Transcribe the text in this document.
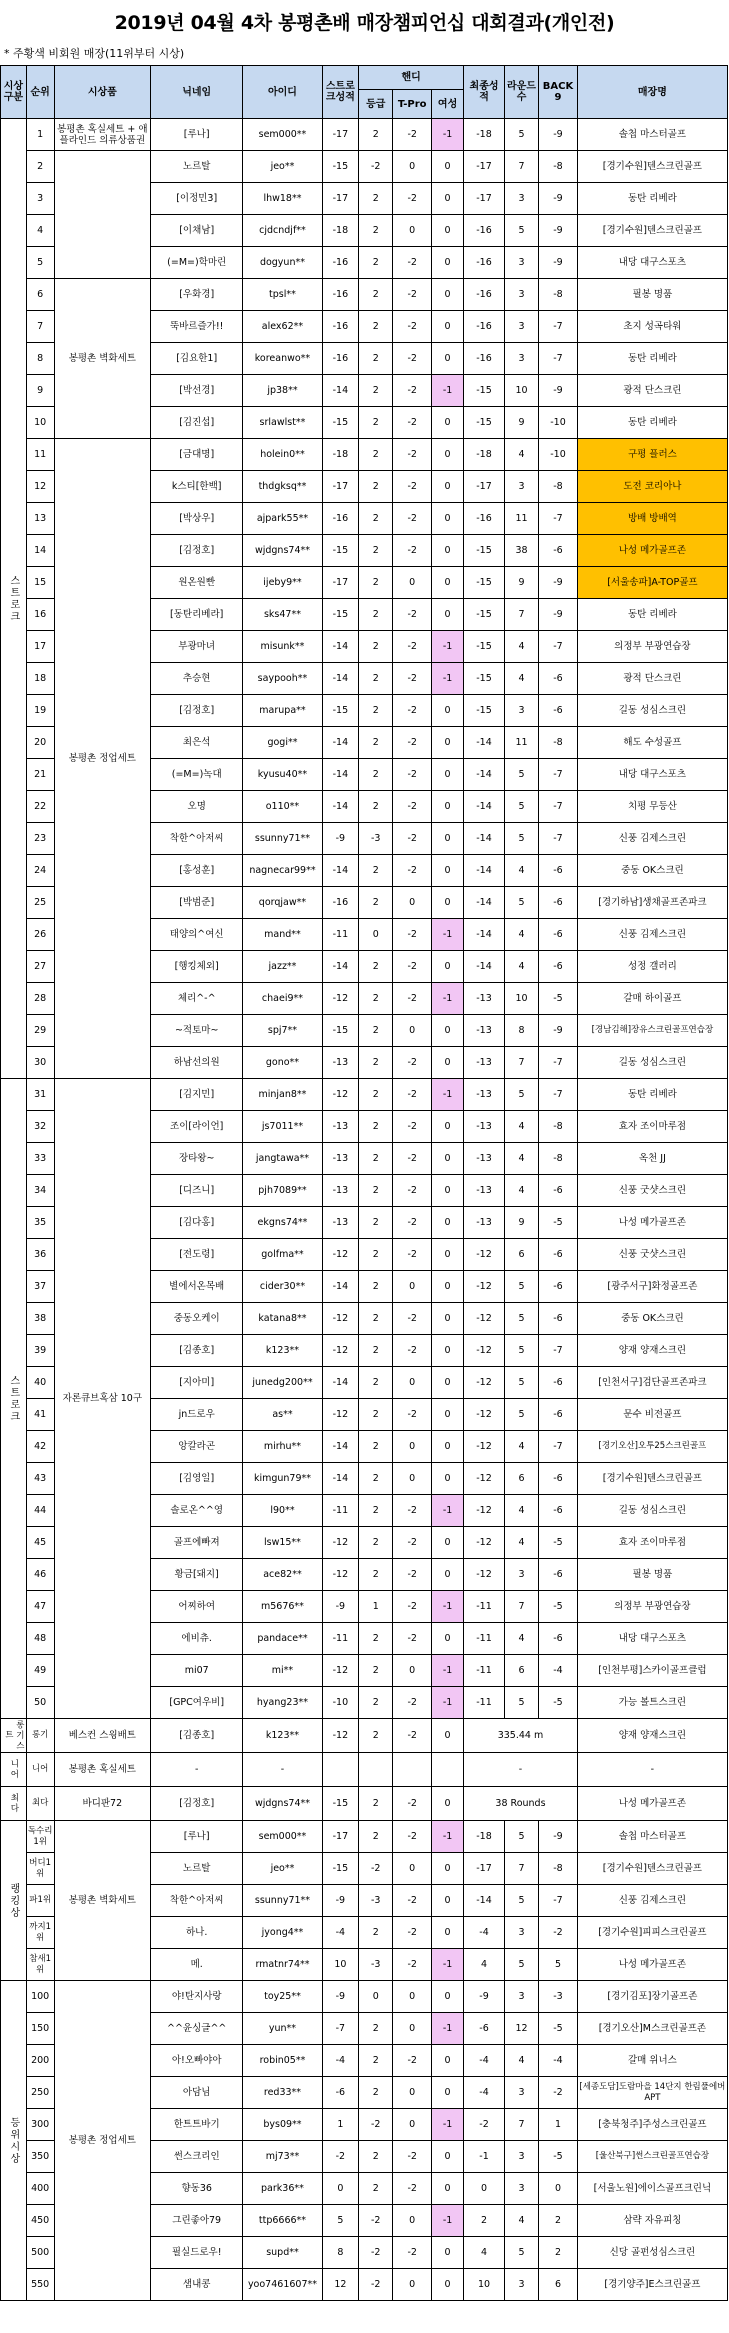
2019년 04월 4차 봉평촌배 매장챔피언십 대회결과(개인전)
* 주황색 비회원 매장(11위부터 시상)
시상구분	순위	시상품	닉네임	아이디	스트로크성적	핸디			최종성적	라운드 수	BACK 9	매장명
						등급	T-Pro	여성				
스트로크	1	봉평촌 혹실세트 + 애플라인드 의류상품권	[루나]	sem000**	-17	2	-2	-1	-18	5	-9	솔첩 마스터골프
	2		노르탈	jeo**	-15	-2	0	0	-17	7	-8	[경기수원]텐스크린골프
	3		[이정민3]	lhw18**	-17	2	-2	0	-17	3	-9	동탄 리베라
	4		[이채남]	cjdcndjf**	-18	2	0	0	-16	5	-9	[경기수원]텐스크린골프
	5		(=M=)학마린	dogyun**	-16	2	-2	0	-16	3	-9	내당 대구스포츠
	6	봉평촌 벽화세트	[우화경]	tpsl**	-16	2	-2	0	-16	3	-8	필봉 명품
	7		뚝바르즐가!!	alex62**	-16	2	-2	0	-16	3	-7	초지 성곡타워
	8		[김요한1]	koreanwo**	-16	2	-2	0	-16	3	-7	동탄 리베라
	9		[박선경]	jp38**	-14	2	-2	-1	-15	10	-9	광적 단스크린
	10		[김진섭]	srlawlst**	-15	2	-2	0	-15	9	-10	동탄 리베라
	11	봉평촌 정업세트	[금대명]	holein0**	-18	2	-2	0	-18	4	-10	구평 플러스
	12		k스티[한백]	thdgksq**	-17	2	-2	0	-17	3	-8	도전 코리아나
	13		[박상우]	ajpark55**	-16	2	-2	0	-16	11	-7	방배 방배역
	14		[김정호]	wjdgns74**	-15	2	-2	0	-15	38	-6	나성 메가골프존
	15		원온원빤	ijeby9**	-17	2	0	0	-15	9	-9	[서울송파]A-TOP골프
	16		[동탄리베라]	sks47**	-15	2	-2	0	-15	7	-9	동탄 리베라
	17		부광마녀	misunk**	-14	2	-2	-1	-15	4	-7	의정부 부광연습장
	18		추승현	saypooh**	-14	2	-2	-1	-15	4	-6	광적 단스크린
	19		[김정호]	marupa**	-15	2	-2	0	-15	3	-6	길동 성심스크린
	20		최은석	gogi**	-14	2	-2	0	-14	11	-8	해도 수성골프
	21		(=M=)녹대	kyusu40**	-14	2	-2	0	-14	5	-7	내당 대구스포츠
	22		오명	o110**	-14	2	-2	0	-14	5	-7	치평 무등산
	23		착한^아저씨	ssunny71**	-9	-3	-2	0	-14	5	-7	신풍 김제스크린
	24		[홍성훈]	nagnecar99**	-14	2	-2	0	-14	4	-6	중동 OK스크린
	25		[박범준]	qorqjaw**	-16	2	0	0	-14	5	-6	[경기하남]생채골프존파크
	26		태양의^여신	mand**	-11	0	-2	-1	-14	4	-6	신풍 김제스크린
	27		[행킹체외]	jazz**	-14	2	-2	0	-14	4	-6	성정 갤러리
	28		체리^-^	chaei9**	-12	2	-2	-1	-13	10	-5	갈매 하이골프
	29		~적토마~	spj7**	-15	2	0	0	-13	8	-9	[경남김해]장유스크린골프연습장
	30		하남선의원	gono**	-13	2	-2	0	-13	7	-7	길동 성심스크린
스트로크	31	자론큐브혹삼 10구	[김지민]	minjan8**	-12	2	-2	-1	-13	5	-7	동탄 리베라
	32		조이[라이언]	js7011**	-13	2	-2	0	-13	4	-8	효자 조이마루점
	33		장타왕~	jangtawa**	-13	2	-2	0	-13	4	-8	옥천 JJ
	34		[디즈니]	pjh7089**	-13	2	-2	0	-13	4	-6	신풍 굿샷스크린
	35		[김다홍]	ekgns74**	-13	2	-2	0	-13	9	-5	나성 메가골프존
	36		[전도령]	golfma**	-12	2	-2	0	-12	6	-6	신풍 굿샷스크린
	37		별에서온목배	cider30**	-14	2	0	0	-12	5	-6	[광주서구]화정골프존
	38		중동오케이	katana8**	-12	2	-2	0	-12	5	-6	중동 OK스크린
	39		[김종호]	k123**	-12	2	-2	0	-12	5	-7	양재 양재스크린
	40		[지아미]	junedg200**	-14	2	0	0	-12	5	-6	[인천서구]검단골프존파크
	41		jn드로우	as**	-12	2	-2	0	-12	5	-6	문수 비전골프
	42		앙칼라곤	mirhu**	-14	2	0	0	-12	4	-7	[경기오산]오투25스크린골프
	43		[김영일]	kimgun79**	-14	2	0	0	-12	6	-6	[경기수원]텐스크린골프
	44		솔로온^^영	l90**	-11	2	-2	-1	-12	4	-6	길동 성심스크린
	45		골프에빠져	lsw15**	-12	2	-2	0	-12	4	-5	효자 조이마루점
	46		황금[돼지]	ace82**	-12	2	-2	0	-12	3	-6	필봉 명품
	47		어찌하여	m5676**	-9	1	-2	-1	-11	7	-5	의정부 부광연습장
	48		에비츄.	pandace**	-11	2	-2	0	-11	4	-6	내당 대구스포츠
	49		mi07	mi**	-12	2	0	-1	-11	6	-4	[인천부평]스카이골프클럽
	50		[GPC여우비]	hyang23**	-10	2	-2	-1	-11	5	-5	가능 볼트스크린
롱기스트	롱기	베스컨 스윙배트	[김종호]	k123**	-12	2	-2	0	335.44 m			양재 양재스크린
니어	니어	봉평촌 혹실세트	-	-					-			-
최다	최다	바디판72	[김정호]	wjdgns74**	-15	2	-2	0	38 Rounds			나성 메가골프존
랭킹상	독수리1위	봉평촌 벽화세트	[루나]	sem000**	-17	2	-2	-1	-18	5	-9	솔첩 마스터골프
	버디1위		노르탈	jeo**	-15	-2	0	0	-17	7	-8	[경기수원]텐스크린골프
	파1위		착한^아저씨	ssunny71**	-9	-3	-2	0	-14	5	-7	신풍 김제스크린
	까지1위		하나.	jyong4**	-4	2	-2	0	-4	3	-2	[경기수원]피피스크린골프
	참새1위		메.	rmatnr74**	10	-3	-2	-1	4	5	5	나성 메가골프존
등위시상	100	봉평촌 정업세트	야!탄지사랑	toy25**	-9	0	0	0	-9	3	-3	[경기김포]장기골프존
	150		^^윤싱글^^	yun**	-7	2	0	-1	-6	12	-5	[경기오산]M스크린골프존
	200		아!오빠야아	robin05**	-4	2	-2	0	-4	4	-4	갈매 위너스
	250		아담님	red33**	-6	2	0	0	-4	3	-2	[세종도담]도람마을 14단지 한림풀에버APT
	300		한트트바기	bys09**	1	-2	0	-1	-2	7	1	[충북청주]주성스크린골프
	350		썬스크리인	mj73**	-2	2	-2	0	-1	3	-5	[울산북구]썬스크린골프연습장
	400		향동36	park36**	0	2	-2	0	0	3	0	[서울노원]에이스골프크린닉
	450		그린좋아79	ttp6666**	5	-2	0	-1	2	4	2	삼략 자유피칭
	500		필실드로우!	supd**	8	-2	-2	0	4	5	2	신당 골펀성심스크린
	550		샘내콩	yoo7461607**	12	-2	0	0	10	3	6	[경기양주]E스크린골프
